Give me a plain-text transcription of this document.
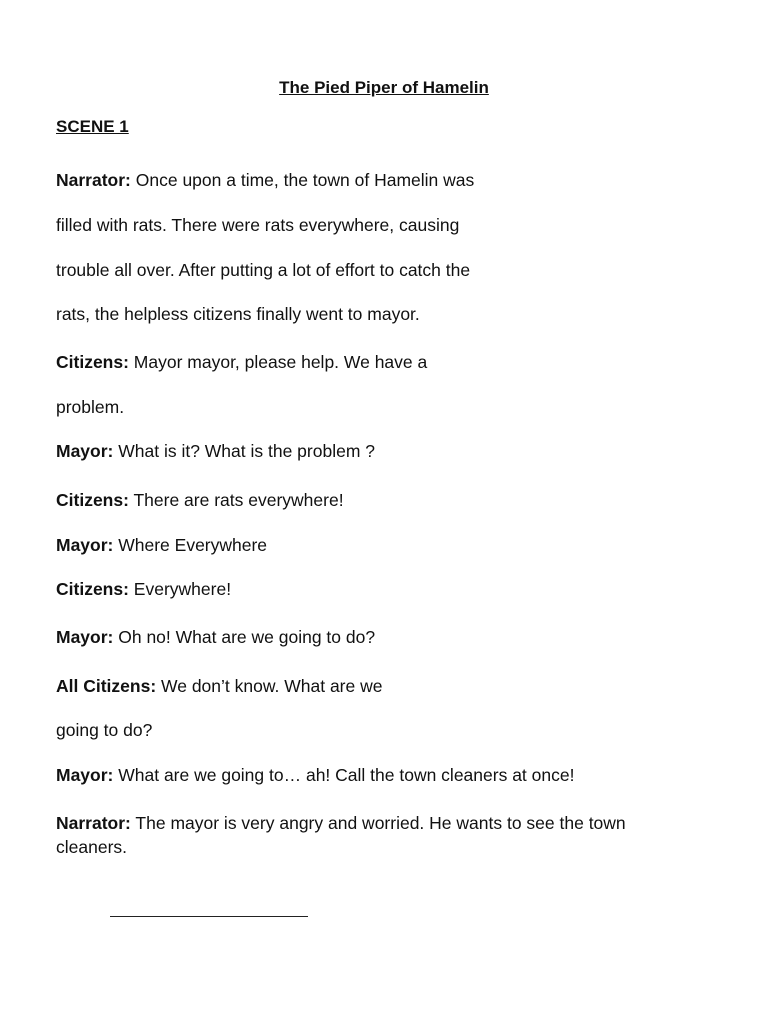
The Pied Piper of Hamelin
SCENE 1

Narrator: Once upon a time, the town of Hamelin was

filled with rats. There were rats everywhere, causing

trouble all over. After putting a lot of effort to catch the

rats, the helpless citizens finally went to mayor.

Citizens: Mayor mayor, please help. We have a

problem.

Mayor: What is it? What is the problem ?

Citizens: There are rats everywhere!

Mayor: Where Everywhere

Citizens: Everywhere!

Mayor: Oh no! What are we going to do?

All Citizens: We don’t know. What are we

going to do?

Mayor: What are we going to… ah! Call the town cleaners at once!

Narrator: The mayor is very angry and worried. He wants to see the town cleaners.
